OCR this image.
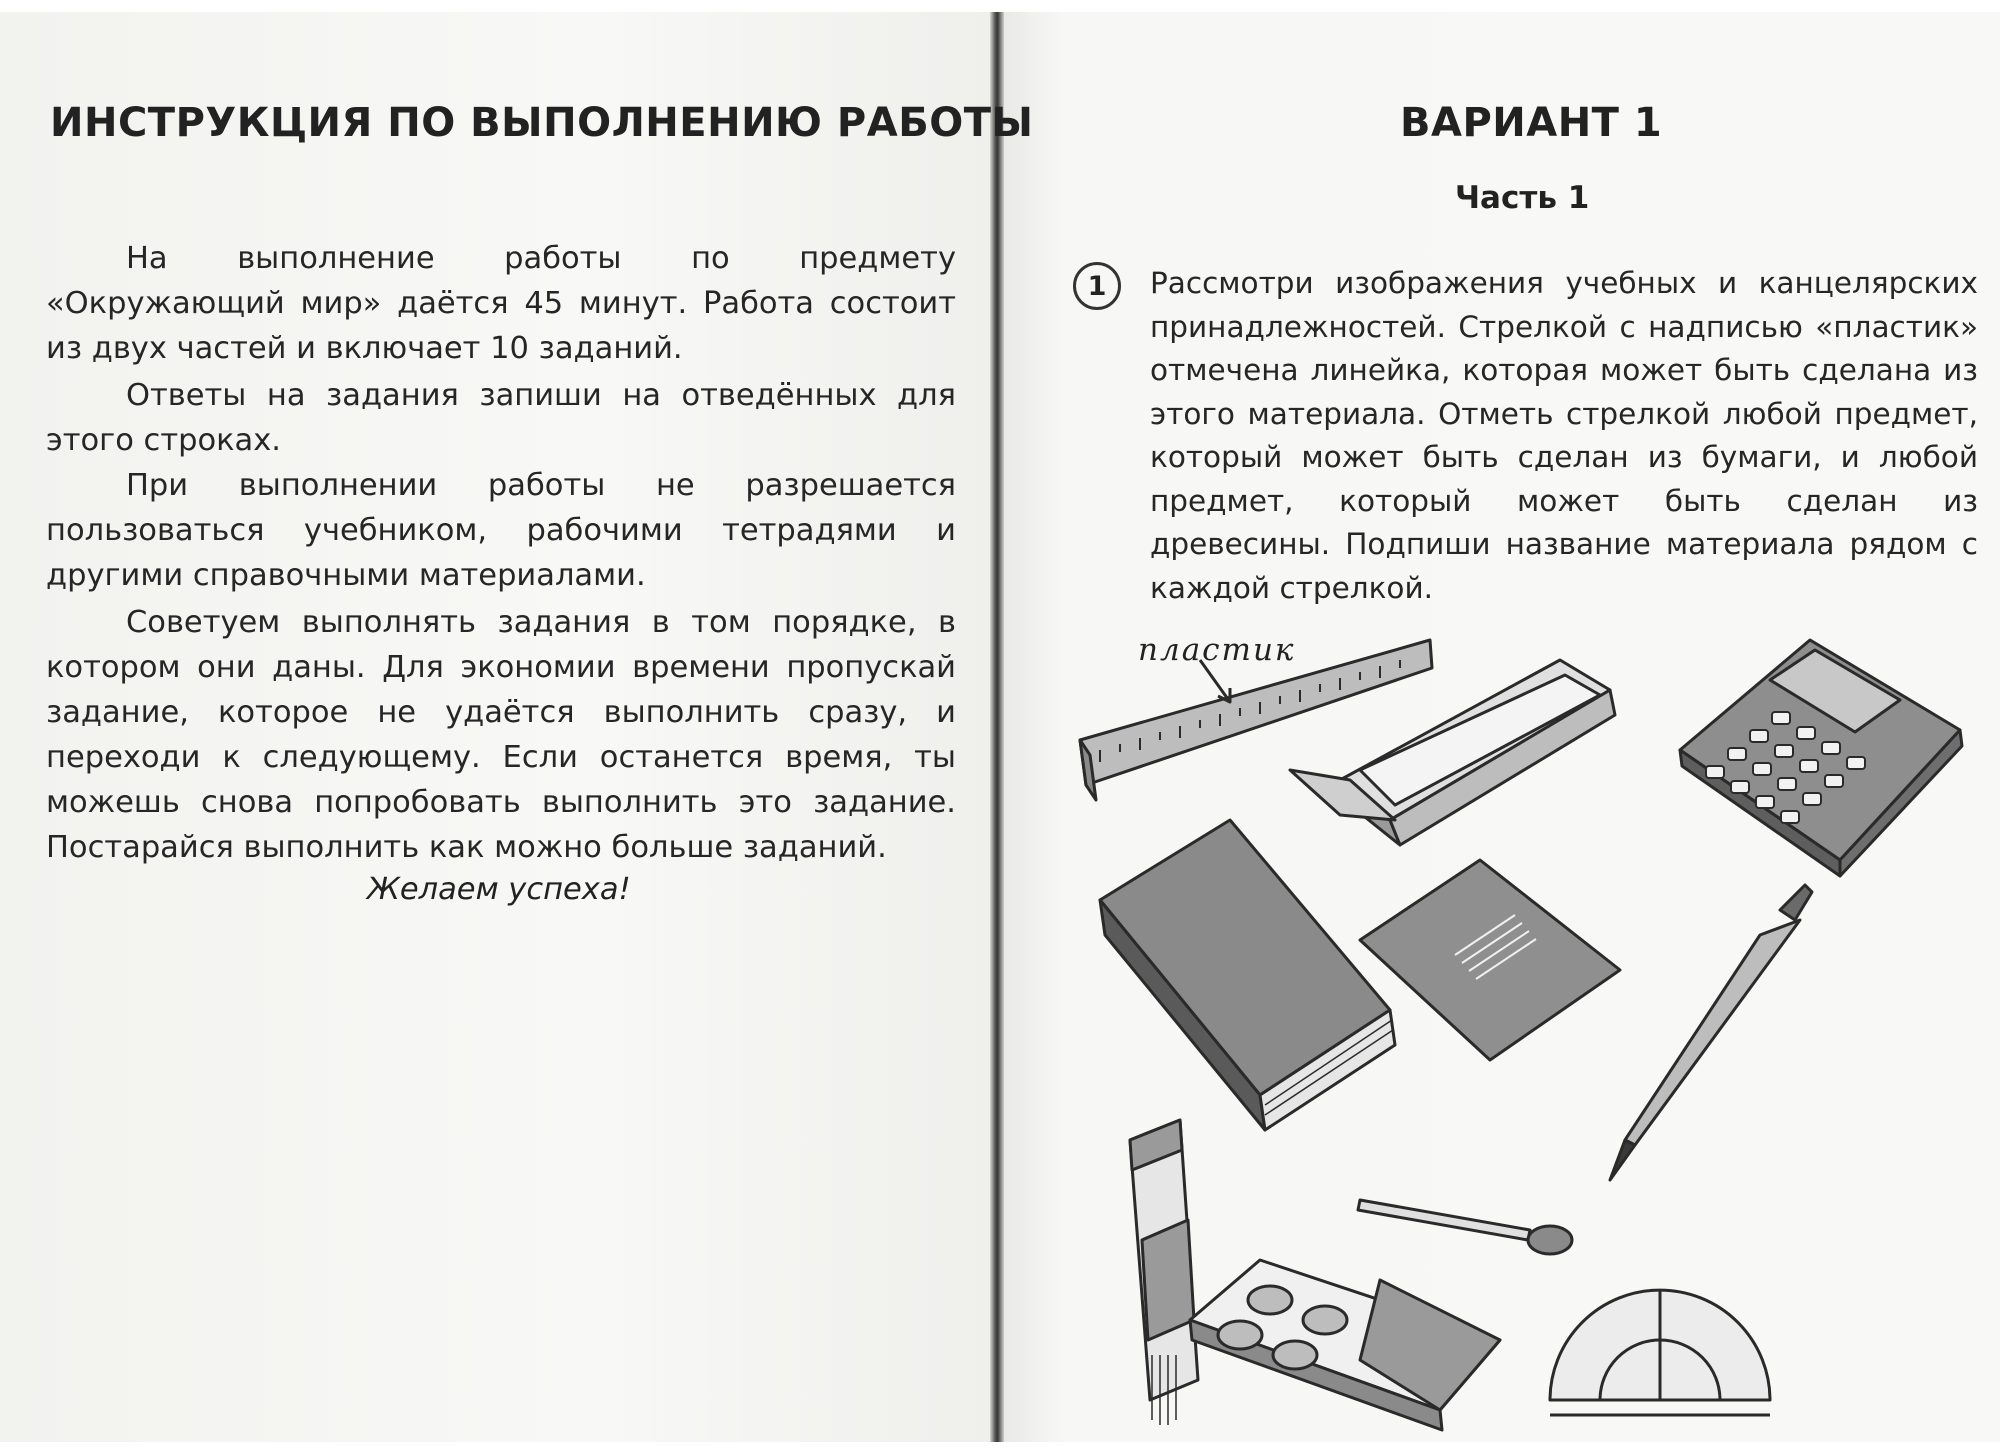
ИНСТРУКЦИЯ ПО ВЫПОЛНЕНИЮ РАБОТЫ

На выполнение работы по предмету «Окружающий мир» даётся 45 минут. Работа состоит из двух частей и включает 10 заданий.

Ответы на задания запиши на отведённых для этого строках.

При выполнении работы не разрешается пользоваться учебником, рабочими тетрадями и другими справочными материалами.

Советуем выполнять задания в том порядке, в котором они даны. Для экономии времени пропускай задание, которое не удаётся выполнить сразу, и переходи к следующему. Если останется время, ты можешь снова попробовать выполнить это задание. Постарайся выполнить как можно больше заданий.

Желаем успеха!
ВАРИАНТ 1
Часть 1
1 Рассмотри изображения учебных и канцелярских принадлежностей. Стрелкой с надписью «пластик» отмечена линейка, которая может быть сделана из этого материала. Отметь стрелкой любой предмет, который может быть сделан из бумаги, и любой предмет, который может быть сделан из древесины. Подпиши название материала рядом с каждой стрелкой.

пластик
